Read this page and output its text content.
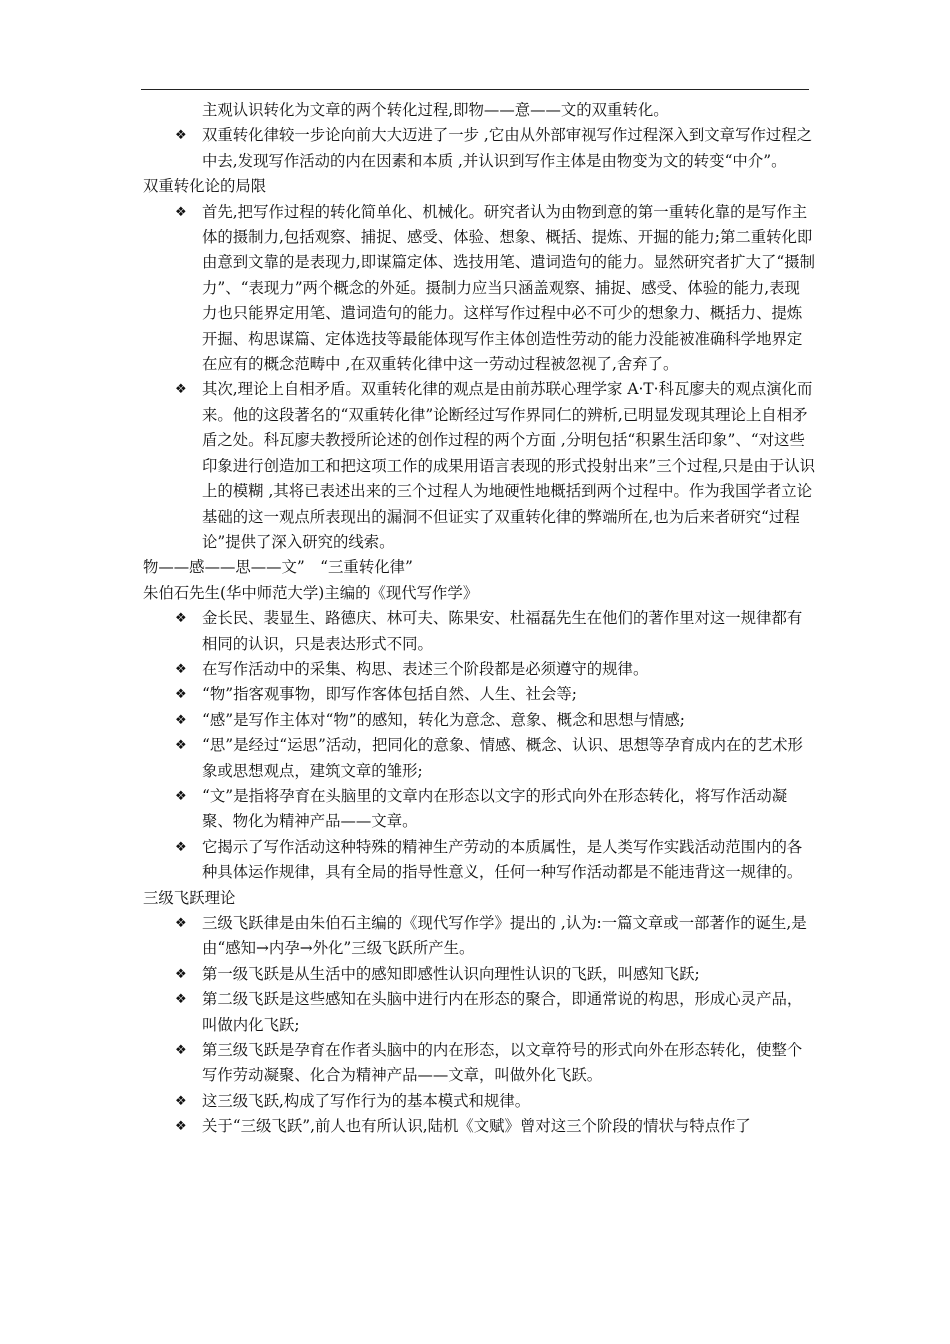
主观认识转化为文章的两个转化过程,即物——意——文的双重转化。
❖ 双重转化律较一步论向前大大迈进了一步 ,它由从外部审视写作过程深入到文章写作过程之中去,发现写作活动的内在因素和本质 ,并认识到写作主体是由物变为文的转变“中介”。
双重转化论的局限
❖ 首先,把写作过程的转化简单化、机械化。研究者认为由物到意的第一重转化靠的是写作主体的摄制力,包括观察、捕捉、感受、体验、想象、概括、提炼、开掘的能力;第二重转化即由意到文靠的是表现力,即谋篇定体、选技用笔、遣词造句的能力。显然研究者扩大了“摄制力”、“表现力”两个概念的外延。摄制力应当只涵盖观察、捕捉、感受、体验的能力,表现力也只能界定用笔、遣词造句的能力。这样写作过程中必不可少的想象力、概括力、提炼开掘、构思谋篇、定体选技等最能体现写作主体创造性劳动的能力没能被准确科学地界定在应有的概念范畴中 ,在双重转化律中这一劳动过程被忽视了,舍弃了。
❖ 其次,理论上自相矛盾。双重转化律的观点是由前苏联心理学家 A·T·科瓦廖夫的观点演化而来。他的这段著名的“双重转化律”论断经过写作界同仁的辨析,已明显发现其理论上自相矛盾之处。科瓦廖夫教授所论述的创作过程的两个方面 ,分明包括“积累生活印象”、“对这些印象进行创造加工和把这项工作的成果用语言表现的形式投射出来”三个过程,只是由于认识上的模糊 ,其将已表述出来的三个过程人为地硬性地概括到两个过程中。作为我国学者立论基础的这一观点所表现出的漏洞不但证实了双重转化律的弊端所在,也为后来者研究“过程论”提供了深入研究的线索。
物——感——思——文”　“三重转化律”
朱伯石先生(华中师范大学)主编的《现代写作学》
❖ 金长民、裴显生、路德庆、林可夫、陈果安、杜福磊先生在他们的著作里对这一规律都有相同的认识，只是表达形式不同。
❖ 在写作活动中的采集、构思、表述三个阶段都是必须遵守的规律。
❖ “物”指客观事物，即写作客体包括自然、人生、社会等;
❖ “感”是写作主体对“物”的感知，转化为意念、意象、概念和思想与情感;
❖ “思”是经过“运思”活动，把同化的意象、情感、概念、认识、思想等孕育成内在的艺术形象或思想观点，建筑文章的雏形;
❖ “文”是指将孕育在头脑里的文章内在形态以文字的形式向外在形态转化，将写作活动凝聚、物化为精神产品——文章。
❖ 它揭示了写作活动这种特殊的精神生产劳动的本质属性，是人类写作实践活动范围内的各种具体运作规律，具有全局的指导性意义，任何一种写作活动都是不能违背这一规律的。
三级飞跃理论
❖ 三级飞跃律是由朱伯石主编的《现代写作学》提出的 ,认为:一篇文章或一部著作的诞生,是由“感知→内孕→外化”三级飞跃所产生。
❖ 第一级飞跃是从生活中的感知即感性认识向理性认识的飞跃，叫感知飞跃;
❖ 第二级飞跃是这些感知在头脑中进行内在形态的聚合，即通常说的构思，形成心灵产品，叫做内化飞跃;
❖ 第三级飞跃是孕育在作者头脑中的内在形态，以文章符号的形式向外在形态转化，使整个写作劳动凝聚、化合为精神产品——文章，叫做外化飞跃。
❖ 这三级飞跃,构成了写作行为的基本模式和规律。
❖ 关于“三级飞跃”,前人也有所认识,陆机《文赋》曾对这三个阶段的情状与特点作了
